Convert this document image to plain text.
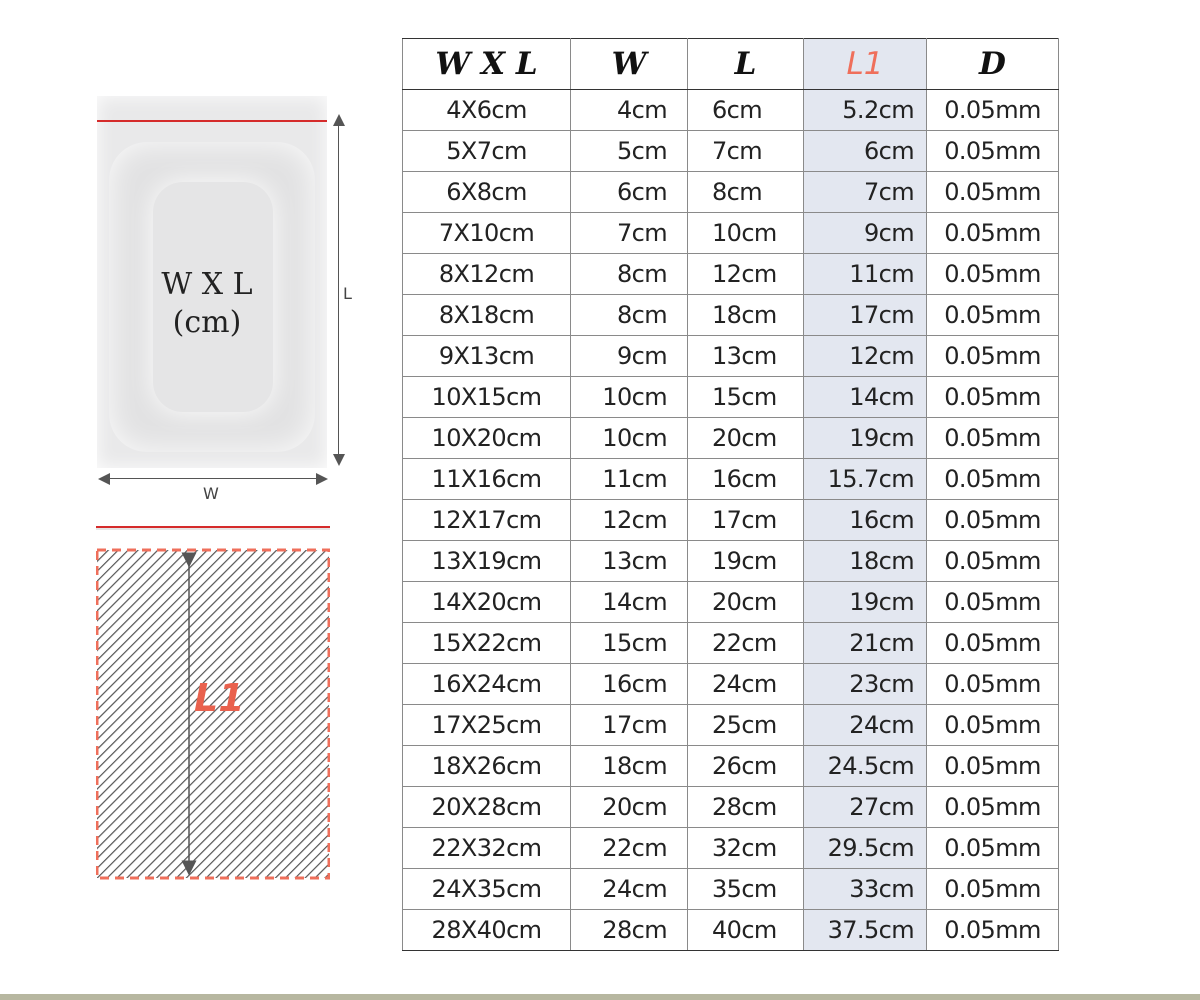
W X L
(cm)
L
W
L1
W X L	W	L	L1	D
4X6cm	4cm	6cm	5.2cm	0.05mm
5X7cm	5cm	7cm	6cm	0.05mm
6X8cm	6cm	8cm	7cm	0.05mm
7X10cm	7cm	10cm	9cm	0.05mm
8X12cm	8cm	12cm	11cm	0.05mm
8X18cm	8cm	18cm	17cm	0.05mm
9X13cm	9cm	13cm	12cm	0.05mm
10X15cm	10cm	15cm	14cm	0.05mm
10X20cm	10cm	20cm	19cm	0.05mm
11X16cm	11cm	16cm	15.7cm	0.05mm
12X17cm	12cm	17cm	16cm	0.05mm
13X19cm	13cm	19cm	18cm	0.05mm
14X20cm	14cm	20cm	19cm	0.05mm
15X22cm	15cm	22cm	21cm	0.05mm
16X24cm	16cm	24cm	23cm	0.05mm
17X25cm	17cm	25cm	24cm	0.05mm
18X26cm	18cm	26cm	24.5cm	0.05mm
20X28cm	20cm	28cm	27cm	0.05mm
22X32cm	22cm	32cm	29.5cm	0.05mm
24X35cm	24cm	35cm	33cm	0.05mm
28X40cm	28cm	40cm	37.5cm	0.05mm
